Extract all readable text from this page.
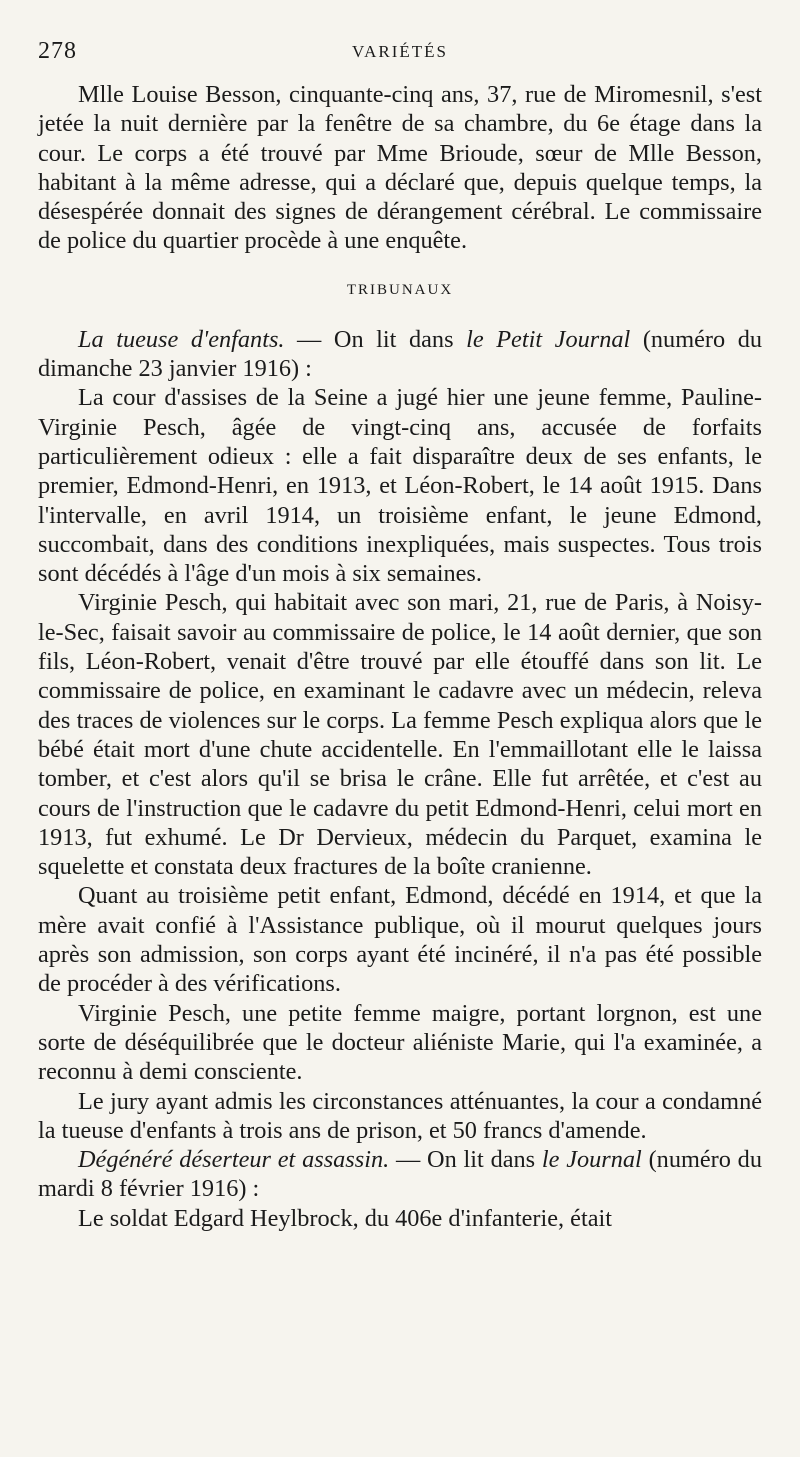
278	VARIÉTÉS

Mlle Louise Besson, cinquante-cinq ans, 37, rue de Miromesnil, s'est jetée la nuit dernière par la fenêtre de sa chambre, du 6e étage dans la cour. Le corps a été trouvé par Mme Brioude, sœur de Mlle Besson, habitant à la même adresse, qui a déclaré que, depuis quelque temps, la désespérée donnait des signes de dérangement cérébral. Le commissaire de police du quartier procède à une enquête.

TRIBUNAUX

La tueuse d'enfants. — On lit dans le Petit Journal (numéro du dimanche 23 janvier 1916) :

La cour d'assises de la Seine a jugé hier une jeune femme, Pauline-Virginie Pesch, âgée de vingt-cinq ans, accusée de forfaits particulièrement odieux : elle a fait disparaître deux de ses enfants, le premier, Edmond-Henri, en 1913, et Léon-Robert, le 14 août 1915. Dans l'intervalle, en avril 1914, un troisième enfant, le jeune Edmond, succombait, dans des conditions inexpliquées, mais suspectes. Tous trois sont décédés à l'âge d'un mois à six semaines.

Virginie Pesch, qui habitait avec son mari, 21, rue de Paris, à Noisy-le-Sec, faisait savoir au commissaire de police, le 14 août dernier, que son fils, Léon-Robert, venait d'être trouvé par elle étouffé dans son lit. Le commissaire de police, en examinant le cadavre avec un médecin, releva des traces de violences sur le corps. La femme Pesch expliqua alors que le bébé était mort d'une chute accidentelle. En l'emmaillotant elle le laissa tomber, et c'est alors qu'il se brisa le crâne. Elle fut arrêtée, et c'est au cours de l'instruction que le cadavre du petit Edmond-Henri, celui mort en 1913, fut exhumé. Le Dr Dervieux, médecin du Parquet, examina le squelette et constata deux fractures de la boîte cranienne.

Quant au troisième petit enfant, Edmond, décédé en 1914, et que la mère avait confié à l'Assistance publique, où il mourut quelques jours après son admission, son corps ayant été incinéré, il n'a pas été possible de procéder à des vérifications.

Virginie Pesch, une petite femme maigre, portant lorgnon, est une sorte de déséquilibrée que le docteur aliéniste Marie, qui l'a examinée, a reconnu à demi consciente.

Le jury ayant admis les circonstances atténuantes, la cour a condamné la tueuse d'enfants à trois ans de prison, et 50 francs d'amende.

Dégénéré déserteur et assassin. — On lit dans le Journal (numéro du mardi 8 février 1916) :

Le soldat Edgard Heylbrock, du 406e d'infanterie, était
